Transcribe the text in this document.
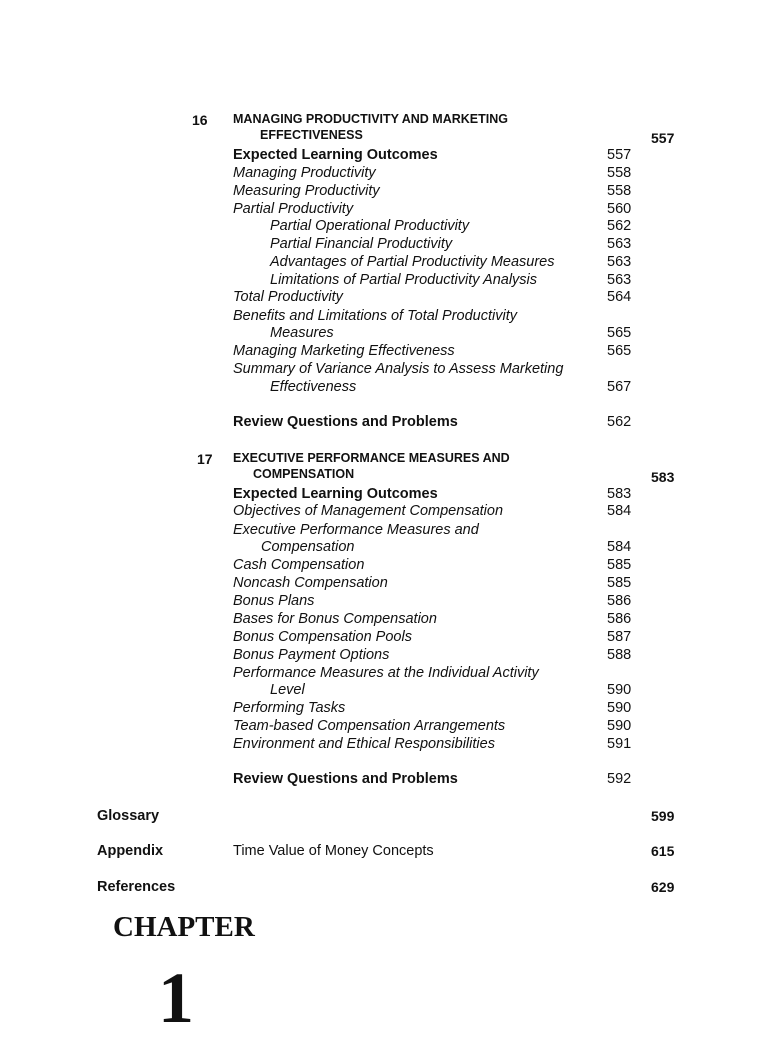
16 MANAGING PRODUCTIVITY AND MARKETING
EFFECTIVENESS	557
Expected Learning Outcomes	557
Managing Productivity	558
Measuring Productivity	558
Partial Productivity	560
Partial Operational Productivity	562
Partial Financial Productivity	563
Advantages of Partial Productivity Measures	563
Limitations of Partial Productivity Analysis	563
Total Productivity	564
Benefits and Limitations of Total Productivity
Measures	565
Managing Marketing Effectiveness	565
Summary of Variance Analysis to Assess Marketing
Effectiveness	567
Review Questions and Problems	562
17 EXECUTIVE PERFORMANCE MEASURES AND
COMPENSATION	583
Expected Learning Outcomes	583
Objectives of Management Compensation	584
Executive Performance Measures and
Compensation	584
Cash Compensation	585
Noncash Compensation	585
Bonus Plans	586
Bases for Bonus Compensation	586
Bonus Compensation Pools	587
Bonus Payment Options	588
Performance Measures at the Individual Activity
Level	590
Performing Tasks	590
Team-based Compensation Arrangements	590
Environment and Ethical Responsibilities	591
Review Questions and Problems	592
Glossary	599
Appendix	Time Value of Money Concepts	615
References	629
CHAPTER
1
